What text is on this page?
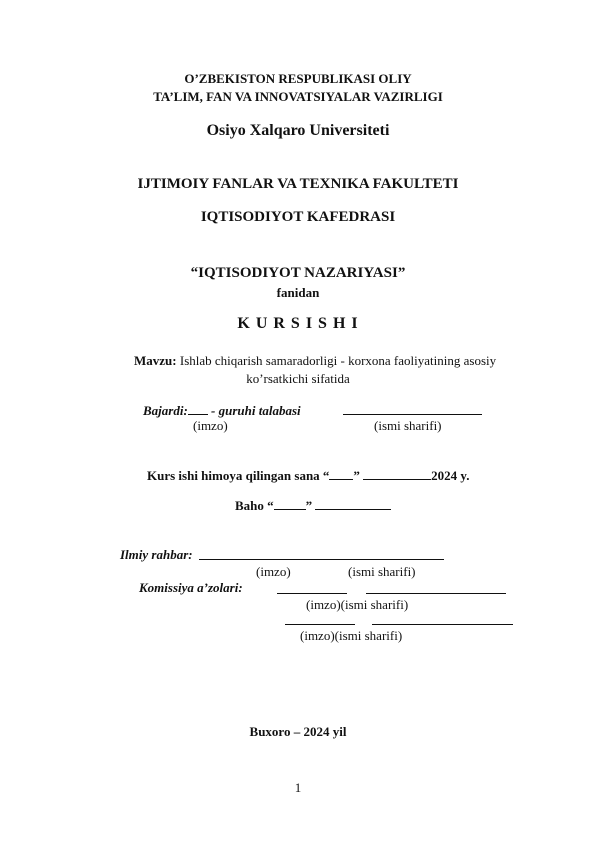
O’ZBEKISTON RESPUBLIKASI OLIY
TA’LIM, FAN VA INNOVATSIYALAR VAZIRLIGI
Osiyo Xalqaro Universiteti
IJTIMOIY FANLAR VA TEXNIKA FAKULTETI
IQTISODIYOT KAFEDRASI
“IQTISODIYOT NAZARIYASI”
fanidan
K U R S I S H I
Mavzu: Ishlab chiqarish samaradorligi - korxona faoliyatining asosiy
ko’rsatkichi sifatida
Bajardi: - guruhi talabasi
(imzo)	(ismi sharifi)
Kurs ishi himoya qilingan sana “ ”	2024 y.
Baho “ ”
Ilmiy rahbar:
(imzo)	(ismi sharifi)
Komissiya a’zolari:
(imzo)(ismi sharifi)
(imzo)(ismi sharifi)
Buxoro – 2024 yil
1
